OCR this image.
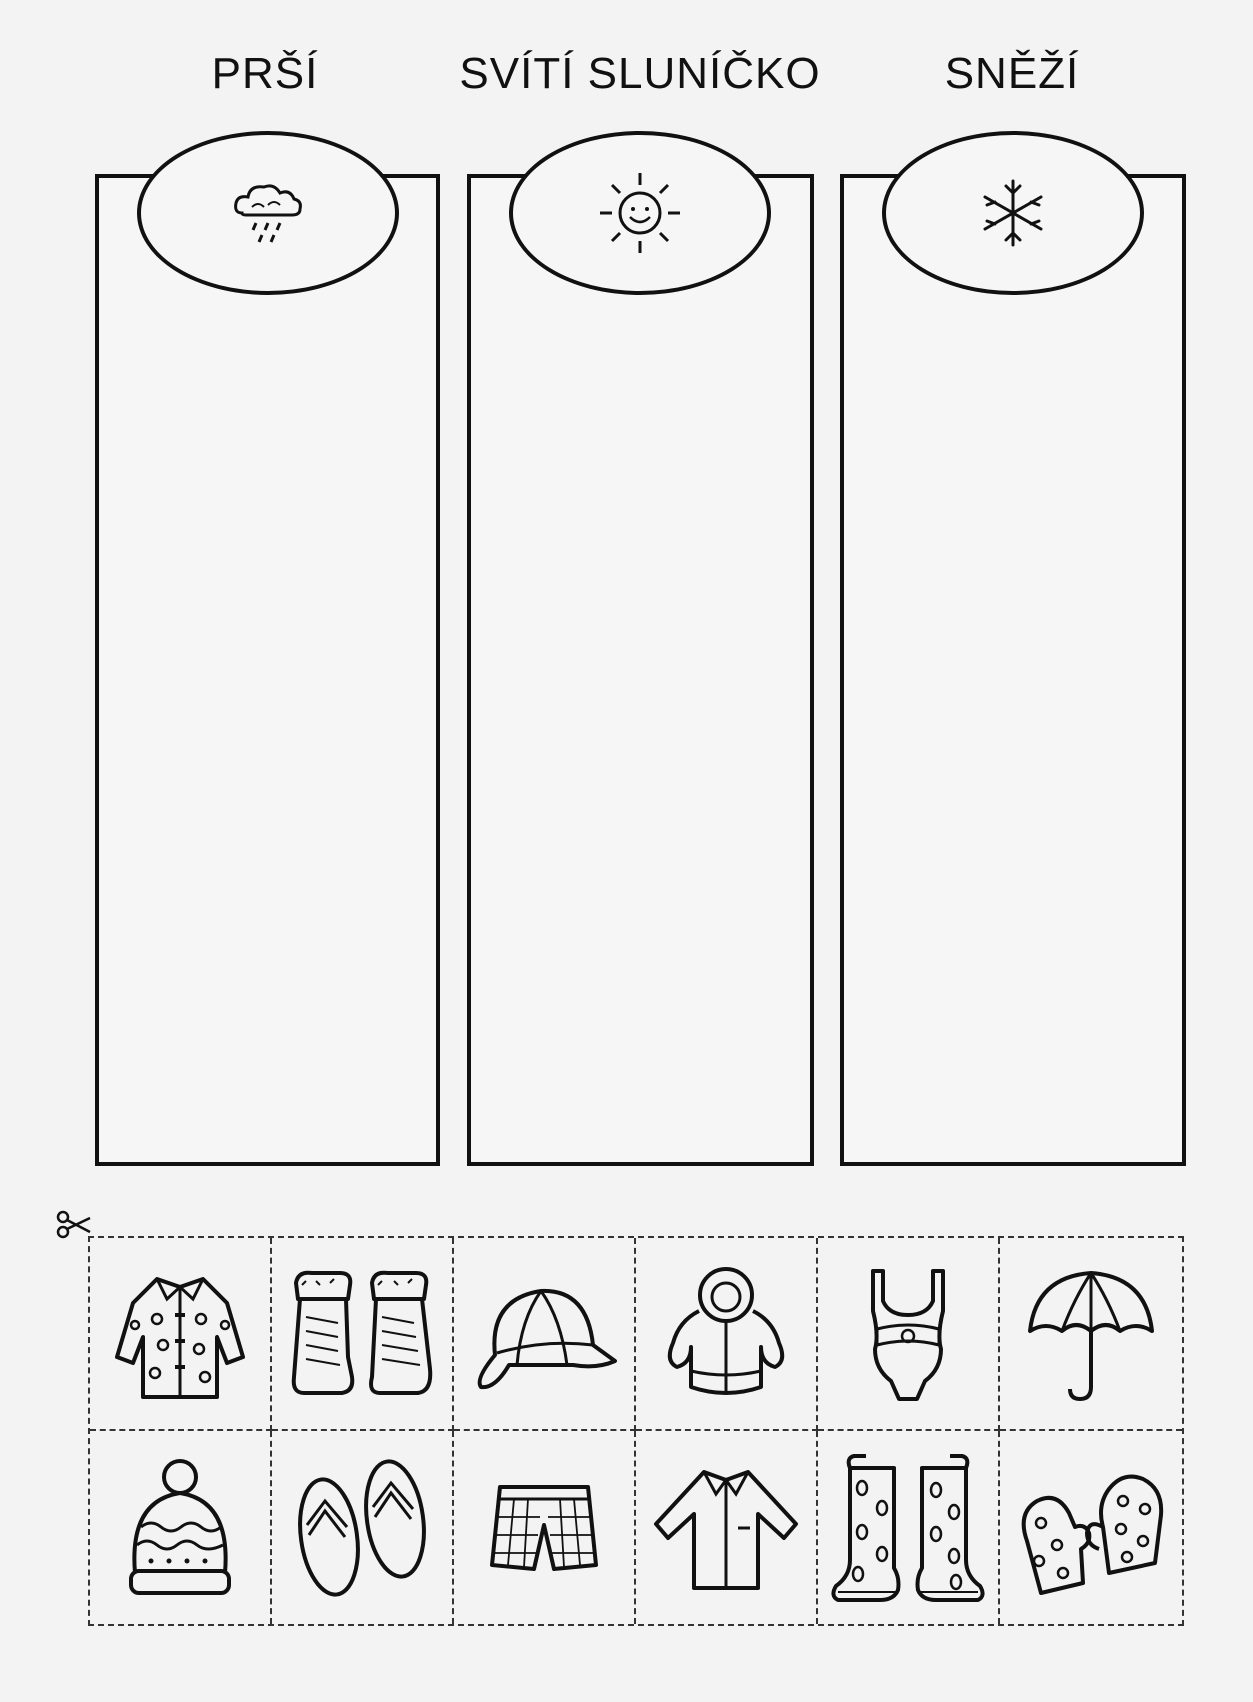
PRŠÍ	SVÍTÍ SLUNÍČKO	SNĚŽÍ
